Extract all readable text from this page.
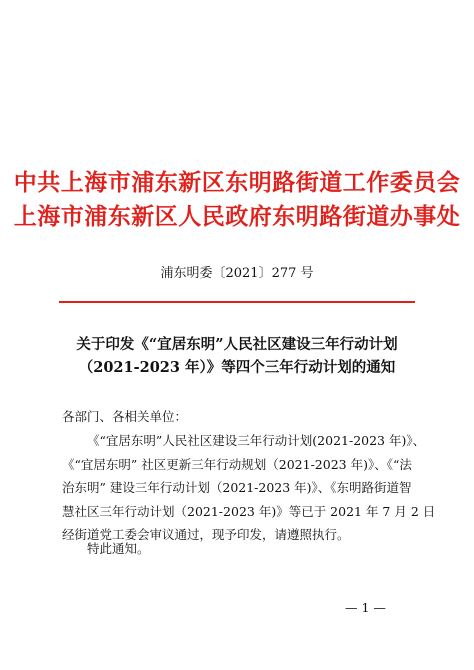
中共上海市浦东新区东明路街道工作委员会
上海市浦东新区人民政府东明路街道办事处
浦东明委〔2021〕277 号
关于印发《“宜居东明”人民社区建设三年行动计划
（2021-2023 年）》等四个三年行动计划的通知
各部门、各相关单位：
《“宜居东明”人民社区建设三年行动计划(2021-2023 年)》、
《“宜居东明” 社区更新三年行动规划（2021-2023 年)》、《“法
治东明” 建设三年行动计划（2021-2023 年)》、《东明路街道智
慧社区三年行动计划（2021-2023 年)》等已于 2021 年 7 月 2 日
经街道党工委会审议通过，现予印发，请遵照执行。
特此通知。
— 1 —
